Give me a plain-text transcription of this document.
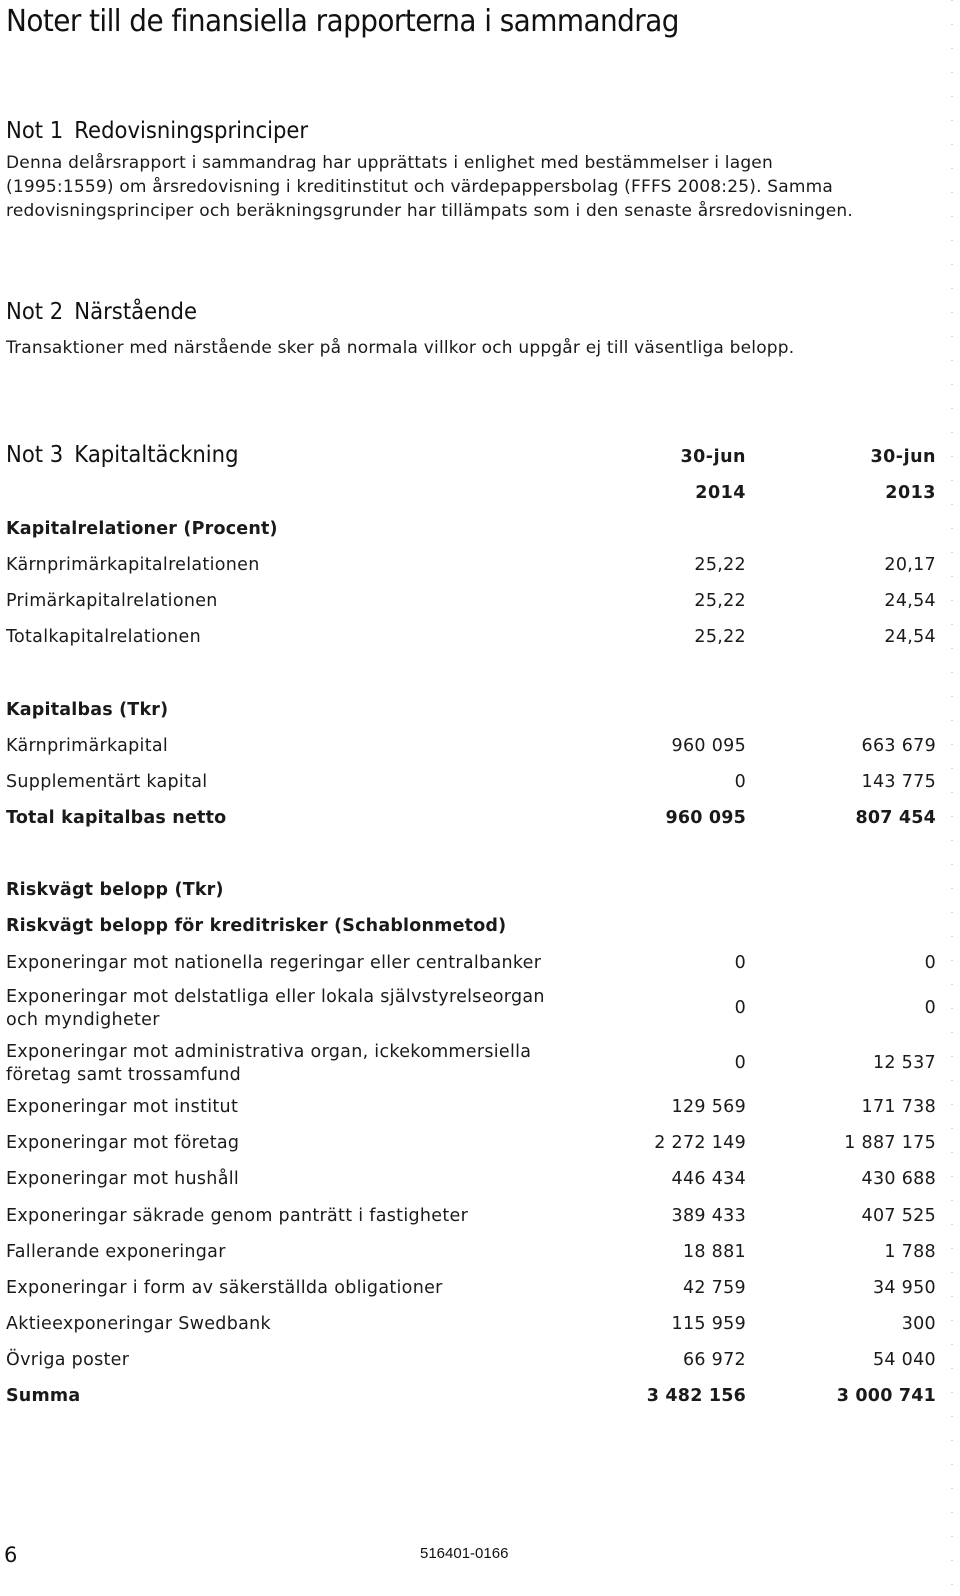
Noter till de finansiella rapporterna i sammandrag
Not 1 Redovisningsprinciper

Denna delårsrapport i sammandrag har upprättats i enlighet med bestämmelser i lagen
(1995:1559) om årsredovisning i kreditinstitut och värdepappersbolag (FFFS 2008:25). Samma
redovisningsprinciper och beräkningsgrunder har tillämpats som i den senaste årsredovisningen.

Not 2 Närstående

Transaktioner med närstående sker på normala villkor och uppgår ej till väsentliga belopp.

Not 3 Kapitaltäckning	30-jun	30-jun
2014	2013
Kapitalrelationer (Procent)
Kärnprimärkapitalrelationen	25,22	20,17
Primärkapitalrelationen	25,22	24,54
Totalkapitalrelationen	25,22	24,54
Kapitalbas (Tkr)
Kärnprimärkapital	960 095	663 679
Supplementärt kapital	0	143 775
Total kapitalbas netto	960 095	807 454
Riskvägt belopp (Tkr)
Riskvägt belopp för kreditrisker (Schablonmetod)
Exponeringar mot nationella regeringar eller centralbanker	0	0
Exponeringar mot delstatliga eller lokala självstyrelseorgan och myndigheter
0	0
Exponeringar mot administrativa organ, ickekommersiella företag samt trossamfund
0	12 537
Exponeringar mot institut	129 569	171 738
Exponeringar mot företag	2 272 149	1 887 175
Exponeringar mot hushåll	446 434	430 688
Exponeringar säkrade genom panträtt i fastigheter	389 433	407 525
Fallerande exponeringar	18 881	1 788
Exponeringar i form av säkerställda obligationer	42 759	34 950
Aktieexponeringar Swedbank	115 959	300
Övriga poster	66 972	54 040
Summa	3 482 156	3 000 741
6	516401-0166
